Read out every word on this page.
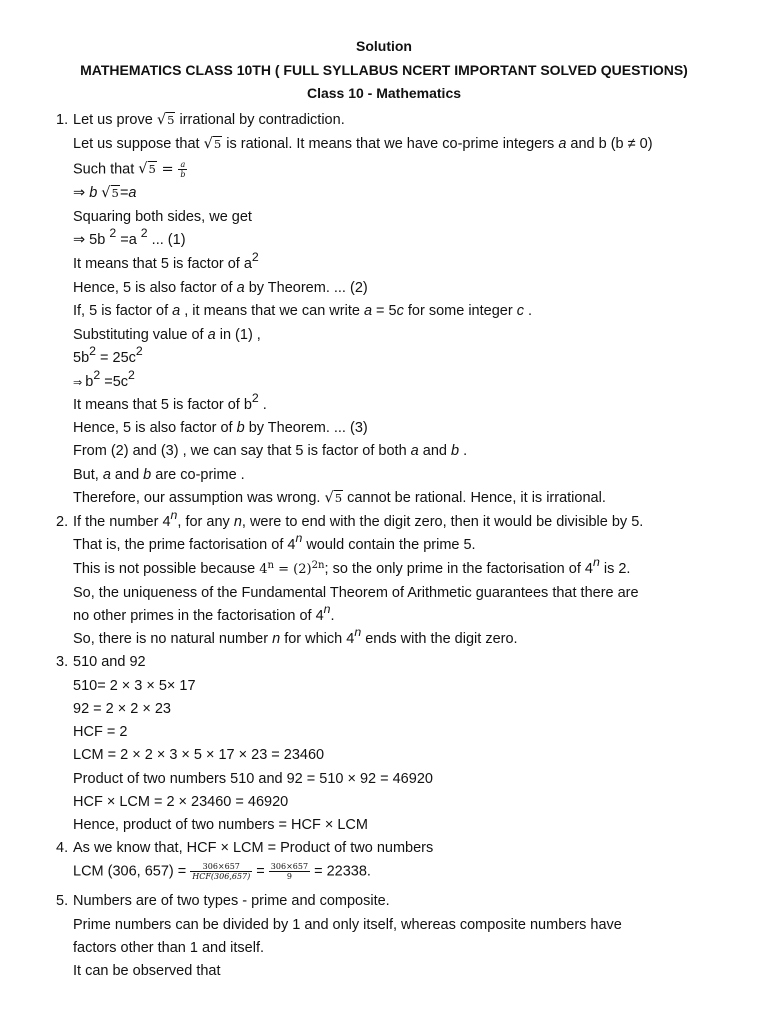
Solution
MATHEMATICS CLASS 10TH ( FULL SYLLABUS NCERT IMPORTANT SOLVED QUESTIONS)
Class 10 - Mathematics
1. Let us prove √5 irrational by contradiction.
Let us suppose that √5 is rational. It means that we have co-prime integers a and b (b ≠ 0)
Such that $√5 = \frac{a}{b}$
⇒ b √5=a
Squaring both sides, we get
⇒ 5b $^2$ =a $^2$ ... (1)
It means that 5 is factor of $a^2$
Hence, 5 is also factor of a by Theorem. ... (2)
If, 5 is factor of a , it means that we can write a = 5c for some integer c .
Substituting value of a in (1) ,
$5b^2 = 25c^2$
⇒ $b^2 =5c^2$
It means that 5 is factor of $b^2$ .
Hence, 5 is also factor of b by Theorem. ... (3)
From (2) and (3) , we can say that 5 is factor of both a and b .
But, a and b are co-prime .
Therefore, our assumption was wrong. √5 cannot be rational. Hence, it is irrational.
2. If the number 4$^n$, for any n, were to end with the digit zero, then it would be divisible by 5.
That is, the prime factorisation of 4$^n$ would contain the prime 5.
This is not possible because $4^n = (2)^{2n}$; so the only prime in the factorisation of 4$^n$ is 2.
So, the uniqueness of the Fundamental Theorem of Arithmetic guarantees that there are
no other primes in the factorisation of 4$^n$.
So, there is no natural number n for which 4$^n$ ends with the digit zero.
3. 510 and 92
510= 2 × 3 × 5× 17
92 = 2 × 2 × 23
HCF = 2
LCM = 2 × 2 × 3 × 5 × 17 × 23 = 23460
Product of two numbers 510 and 92 = 510 × 92 = 46920
HCF × LCM = 2 × 23460 = 46920
Hence, product of two numbers = HCF × LCM
4. As we know that, HCF × LCM = Product of two numbers
LCM (306, $657) = \frac{306\times 657}{\text{HCF(306,657)}} = \frac{306\times 657}{9} = 22338$.
5. Numbers are of two types - prime and composite.
Prime numbers can be divided by 1 and only itself, whereas composite numbers have
factors other than 1 and itself.
It can be observed that
